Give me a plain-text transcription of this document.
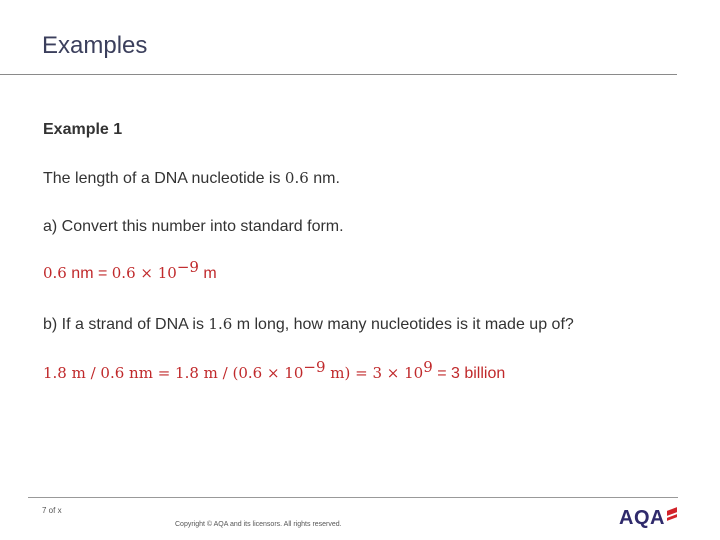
Examples
Example 1
The length of a DNA nucleotide is 0.6 nm.
a) Convert this number into standard form.
0.6 nm = $0.6 \times 10^{-9}$ m
b) If a strand of DNA is 1.6 m long, how many nucleotides is it made up of?
1.8 m / 0.6 nm = 1.8 $m / (0.6 \times 10^{-9}$ $m) = 3 \times 10^9 = 3$ billion
7 of x
Copyright © AQA and its licensors. All rights reserved.	AQA
